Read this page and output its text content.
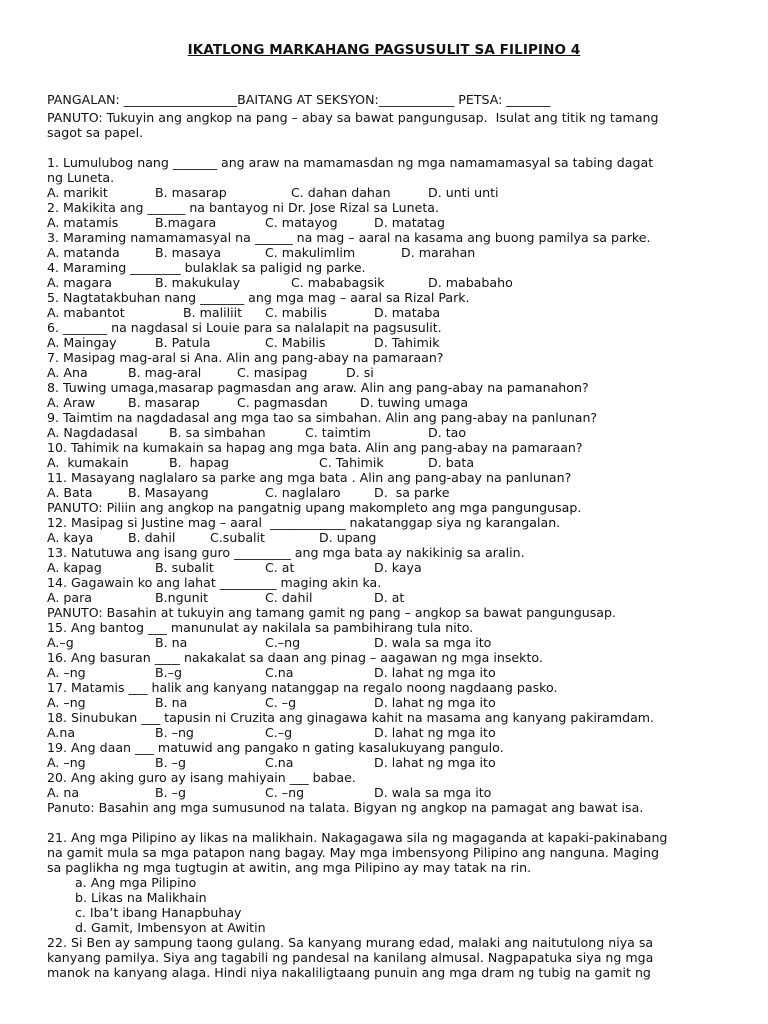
IKATLONG MARKAHANG PAGSUSULIT SA FILIPINO 4
PANGALAN: __________________BAITANG AT SEKSYON:____________ PETSA: _______
PANUTO: Tukuyin ang angkop na pang – abay sa bawat pangungusap.  Isulat ang titik ng tamang
sagot sa papel.
1. Lumulubog nang _______ ang araw na mamamasdan ng mga namamamasyal sa tabing dagat
ng Luneta.
A. marikit	B. masarap	C. dahan dahan	D. unti unti
2. Makikita ang ______ na bantayog ni Dr. Jose Rizal sa Luneta.
A. matamis	B.magara	C. matayog	D. matatag
3. Maraming namamamasyal na ______ na mag – aaral na kasama ang buong pamilya sa parke.
A. matanda	B. masaya	C. makulimlim	D. marahan
4. Maraming ________ bulaklak sa paligid ng parke.
A. magara	B. makukulay	C. mababagsik	D. mababaho
5. Nagtatakbuhan nang _______ ang mga mag – aaral sa Rizal Park.
A. mabantot	B. maliliit C. mabilis	D. mataba
6. _______ na nagdasal si Louie para sa nalalapit na pagsusulit.
A. Maingay	B. Patula	C. Mabilis	D. Tahimik
7. Masipag mag-aral si Ana. Alin ang pang-abay na pamaraan?
A. Ana	B. mag-aral	C. masipag	D. si
8. Tuwing umaga,masarap pagmasdan ang araw. Alin ang pang-abay na pamanahon?
A. Araw	B. masarap	C. pagmasdan	D. tuwing umaga
9. Taimtim na nagdadasal ang mga tao sa simbahan. Alin ang pang-abay na panlunan?
A. Nagdadasal B. sa simbahan	C. taimtim	D. tao
10. Tahimik na kumakain sa hapag ang mga bata. Alin ang pang-abay na pamaraan?
A.  kumakain	B.  hapag	C. Tahimik	D. bata
11. Masayang naglalaro sa parke ang mga bata . Alin ang pang-abay na panlunan?
A. Bata	B. Masayang	C. naglalaro	D.  sa parke
PANUTO: Piliin ang angkop na pangatnig upang makompleto ang mga pangungusap.
12. Masipag si Justine mag – aaral  ____________ nakatanggap siya ng karangalan.
A. kaya	B. dahil	C.subalit	D. upang
13. Natutuwa ang isang guro _________ ang mga bata ay nakikinig sa aralin.
A. kapag	B. subalit	C. at	D. kaya
14. Gagawain ko ang lahat _________ maging akin ka.
A. para	B.ngunit	C. dahil	D. at
PANUTO: Basahin at tukuyin ang tamang gamit ng pang – angkop sa bawat pangungusap.
15. Ang bantog ___ manunulat ay nakilala sa pambihirang tula nito.
A.–g	B. na	C.–ng	D. wala sa mga ito
16. Ang basuran ____ nakakalat sa daan ang pinag – aagawan ng mga insekto.
A. –ng	B.–g	C.na	D. lahat ng mga ito
17. Matamis ___ halik ang kanyang natanggap na regalo noong nagdaang pasko.
A. –ng	B. na	C. –g	D. lahat ng mga ito
18. Sinubukan ___ tapusin ni Cruzita ang ginagawa kahit na masama ang kanyang pakiramdam.
A.na	B. –ng	C.–g	D. lahat ng mga ito
19. Ang daan ___ matuwid ang pangako n gating kasalukuyang pangulo.
A. –ng	B. –g	C.na	D. lahat ng mga ito
20. Ang aking guro ay isang mahiyain ___ babae.
A. na	B. –g	C. –ng	D. wala sa mga ito
Panuto: Basahin ang mga sumusunod na talata. Bigyan ng angkop na pamagat ang bawat isa.
21. Ang mga Pilipino ay likas na malikhain. Nakagagawa sila ng magaganda at kapaki-pakinabang
na gamit mula sa mga patapon nang bagay. May mga imbensyong Pilipino ang nanguna. Maging
sa paglikha ng mga tugtugin at awitin, ang mga Pilipino ay may tatak na rin.
a. Ang mga Pilipino
b. Likas na Malikhain
c. Iba’t ibang Hanapbuhay
d. Gamit, Imbensyon at Awitin
22. Si Ben ay sampung taong gulang. Sa kanyang murang edad, malaki ang naitutulong niya sa
kanyang pamilya. Siya ang tagabili ng pandesal na kanilang almusal. Nagpapatuka siya ng mga
manok na kanyang alaga. Hindi niya nakaliligtaang punuin ang mga dram ng tubig na gamit ng
